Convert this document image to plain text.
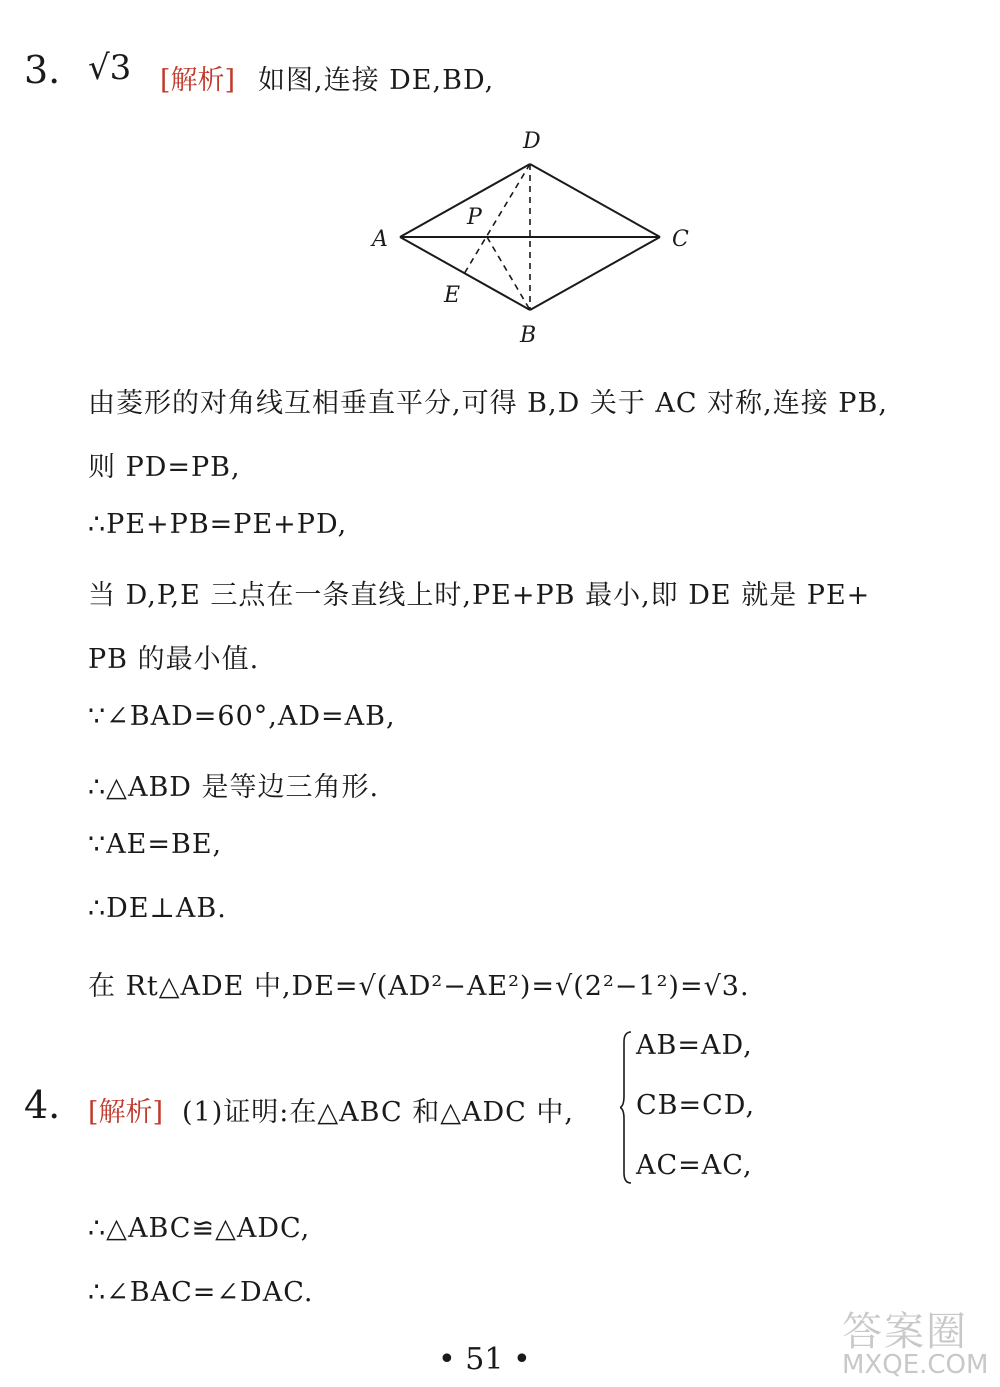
3. √3 [解析] 如图,连接 DE,BD,
D
A	C
B
E
P
由菱形的对角线互相垂直平分,可得 B,D 关于 AC 对称,连接 PB,
则 PD=PB,
∴PE+PB=PE+PD,
当 D,P,E 三点在一条直线上时,PE+PB 最小,即 DE 就是 PE+
PB 的最小值.
∵∠BAD=60°,AD=AB,
∴△ABD 是等边三角形.
∵AE=BE,
∴DE⊥AB.
在 Rt△ADE 中,DE=√(AD²−AE²)=√(2²−1²)=√3.
4. [解析] (1)证明:在△ABC 和△ADC 中,
AB=AD,
CB=CD,
AC=AC,
∴△ABC≌△ADC,
∴∠BAC=∠DAC.
• 51 •
答案圈
MXQE.COM
